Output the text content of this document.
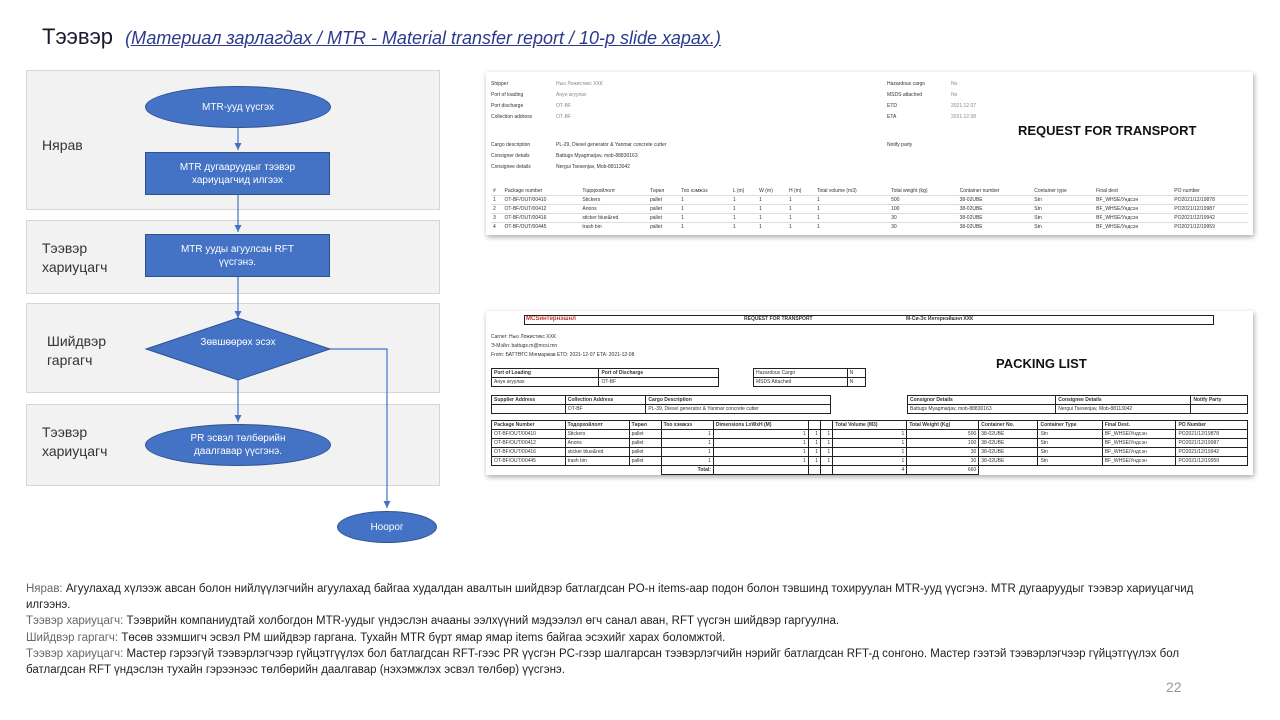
Тээвэр (Материал зарлагдах / MTR - Material transfer report / 10-р slide харах.)
Нярав
Тээвэр хариуцагч
Шийдвэр гаргагч
Тээвэр хариуцагч
MTR-ууд үүсгэх
MTR дугааруудыг тээвэр хариуцагчид илгээх
MTR ууды агуулсан RFT үүсгэнэ.
Зөвшөөрөх эсэх
PR эсвэл төлбөрийн даалгавар үүсгэнэ.
Ноорог
Shipper	Нью Ложистикс ХХК
Port of loading	Анун агуулах
Port discharge	ОТ-BF
Collection address	ОТ-BF
Hazardous cargo	No
MSDS attached	No
ETD	2021.12.07
ETA	2021.12.08
Cargo description	PL-29, Diesel generator & Yanmar concrete cutter
Consigner details	Battugs Myagmarjav, mob-88830163
Consignee details	Nergui Tsesenjav, Mob-88113042
Notify party
REQUEST FOR TRANSPORT
#	Package number	Тодорхойлолт	Төрөл	Тоо хэмжээ	L (m)	W (m)	H (m)	Total volume (m3)	Total weight (kg)	Container number	Container type	Final dest	PO number
1	OT-BF/OUT/00410	Stickers	pallet	1	1	1	1	1	500	38-02UBE	Stn	BF_WHSE/Ундсэн	PO2021/12/19878
2	OT-BF/OUT/00412	Anons	pallet	1	1	1	1	1	100	38-02UBE	Stn	BF_WHSE/Ундсэн	PO2021/12/19987
3	OT-BF/OUT/00416	sticker blue&red	pallet	1	1	1	1	1	30	38-02UBE	Stn	BF_WHSE/Ундсэн	PO2021/12/19942
4	OT-BF/OUT/00445	trash bin	pallet	1	1	1	1	1	30	38-02UBE	Stn	BF_WHSE/Ундсэн	PO2021/12/19959
MCSинтернэшнл	REQUEST FOR TRANSPORT	М-Си-Эс Интернэйшнл ХХК
Carrier: Нью Ложистикс ХХК
Э-Мэйл: battugs.m@mcsi.mn
From: БАТТӨГС Мягмаржав ETD: 2021-12-07 ETA: 2021-12-08
PACKING LIST
Port of Loading	Port of Discharge
Анун агуулах	OT-BF
Hazardous Cargo	N
MSDS Attached	N
Supplier Address	Collection Address	Cargo Description
	OT-BF	PL-39, Diesel generator & Yanmar concrete cutter
Consignor Details	Consignee Details	Notify Party
Battugs Myagmarjav, mob-88830163	Nergui Tsesenjav, Mob-88113042	
Package Number	Тодорхойлолт	Төрөл	Тоо хэмжээ	Dimensions LxWxH (M)			Total Volume (M3)	Total Weight (Kg)	Container No.	Container Type	Final Dest.	PO Number
OT-BF/OUT/00410	Stickers	pallet	1	1	1	1	1	500	38-02UBE	Stn	BF_WHSE/Ундсэн	PO2021/12/19878
OT-BF/OUT/00412	Anons	pallet	1	1	1	1	1	100	38-02UBE	Stn	BF_WHSE/Ундсэн	PO2021/12/19987
OT-BF/OUT/00416	sticker blue&red	pallet	1	1	1	1	1	30	38-02UBE	Stn	BF_WHSE/Ундсэн	PO2021/12/19942
OT-BF/OUT/00445	trash bin	pallet	1	1	1	1	1	30	38-02UBE	Stn	BF_WHSE/Ундсэн	PO2021/12/19959
			Total:				4	660				
Нярав: Агуулахад хүлээж авсан болон нийлүүлэгчийн агуулахад байгаа худалдан авалтын шийдвэр батлагдсан PO-н items-аар подон болон тэвшинд тохируулан MTR-ууд үүсгэнэ. MTR дугааруудыг тээвэр хариуцагчид илгээнэ.
Тээвэр хариуцагч: Тээврийн компаниудтай холбогдон MTR-уудыг үндэслэн ачааны ээлхүүний мэдээлэл өгч санал аван, RFT үүсгэн шийдвэр гаргуулна.
Шийдвэр гаргагч: Төсөв эзэмшигч эсвэл PM шийдвэр гаргана. Тухайн MTR бүрт ямар ямар items байгаа эсэхийг харах боломжтой.
Тээвэр хариуцагч: Мастер гэрээгүй тээвэрлэгчээр гүйцэтгүүлэх бол батлагдсан RFT-гээс PR үүсгэн PC-гээр шалгарсан тээвэрлэгчийн нэрийг батлагдсан RFT-д сонгоно. Мастер гээтэй тээвэрлэгчээр гүйцэтгүүлэх бол батлагдсан RFT үндэслэн тухайн гэрээнээс төлбөрийн даалгавар (нэхэмжлэх эсвэл төлбөр) үүсгэнэ.
22
